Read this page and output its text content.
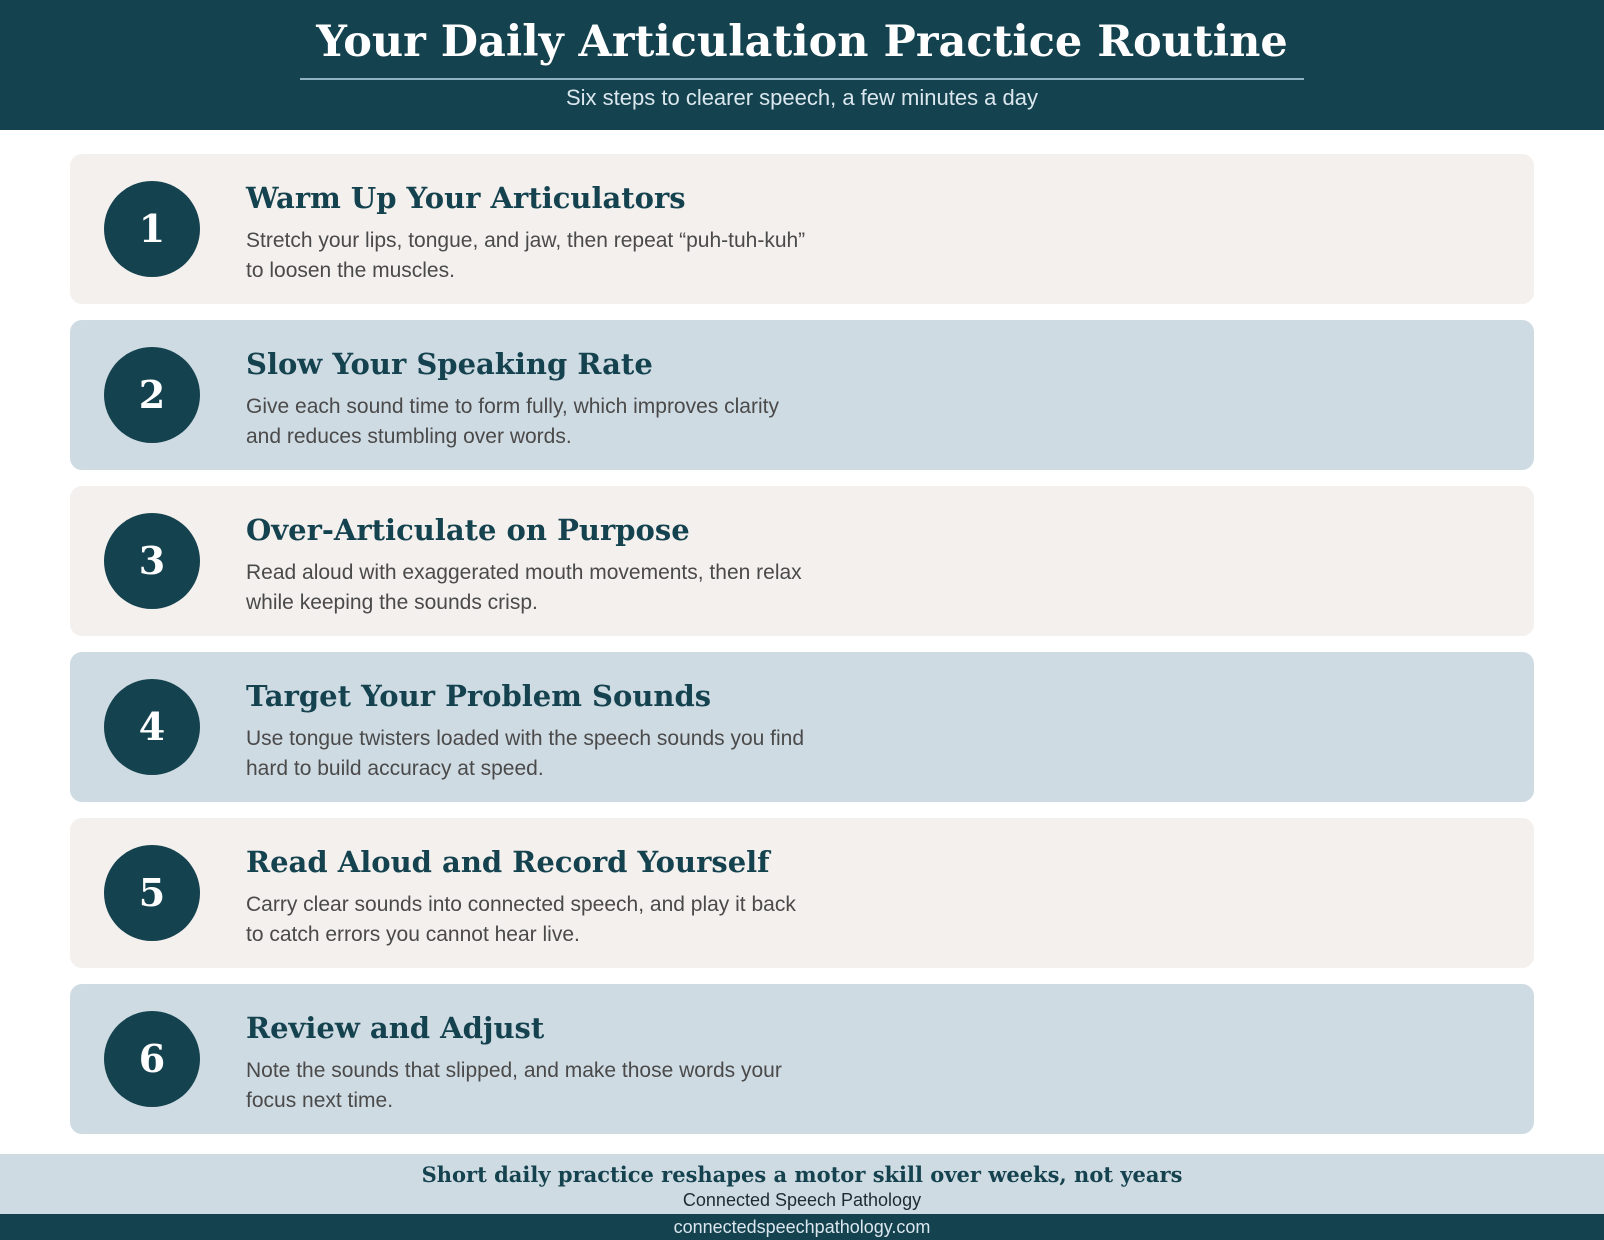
Your Daily Articulation Practice Routine
Six steps to clearer speech, a few minutes a day
1
Warm Up Your Articulators
Stretch your lips, tongue, and jaw, then repeat “puh-tuh-kuh” to loosen the muscles.
2
Slow Your Speaking Rate
Give each sound time to form fully, which improves clarity and reduces stumbling over words.
3
Over-Articulate on Purpose
Read aloud with exaggerated mouth movements, then relax while keeping the sounds crisp.
4
Target Your Problem Sounds
Use tongue twisters loaded with the speech sounds you find hard to build accuracy at speed.
5
Read Aloud and Record Yourself
Carry clear sounds into connected speech, and play it back to catch errors you cannot hear live.
6
Review and Adjust
Note the sounds that slipped, and make those words your focus next time.
Short daily practice reshapes a motor skill over weeks, not years
Connected Speech Pathology
connectedspeechpathology.com
